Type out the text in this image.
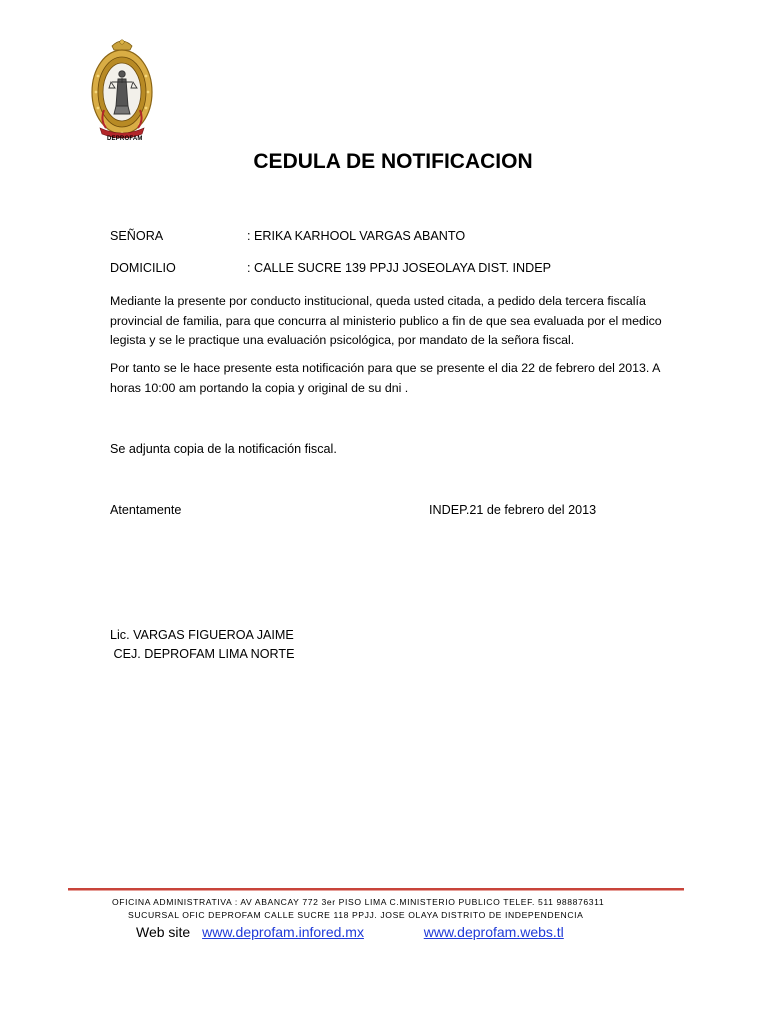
DEPROFAM
CEDULA DE NOTIFICACION
SEÑORA	: ERIKA KARHOOL VARGAS ABANTO
DOMICILIO	: CALLE SUCRE 139 PPJJ JOSEOLAYA DIST. INDEP
Mediante la presente por conducto institucional, queda usted citada, a pedido dela tercera fiscalía
provincial de familia, para que concurra al ministerio publico a fin de que sea evaluada por el medico
legista y se le practique una evaluación psicológica, por mandato de la señora fiscal.
Por tanto se le hace presente esta notificación para que se presente el dia 22 de febrero del 2013. A
horas 10:00 am portando la copia y original de su dni .
Se adjunta copia de la notificación fiscal.
Atentamente	INDEP.21 de febrero del 2013
Lic. VARGAS FIGUEROA JAIME
CEJ. DEPROFAM LIMA NORTE
OFICINA ADMINISTRATIVA : AV ABANCAY 772 3er PISO LIMA C.MINISTERIO PUBLICO TELEF. 511 988876311
SUCURSAL OFIC DEPROFAM CALLE SUCRE 118 PPJJ. JOSE OLAYA DISTRITO DE INDEPENDENCIA
Web site www.deprofam.infored.mx	www.deprofam.webs.tl
